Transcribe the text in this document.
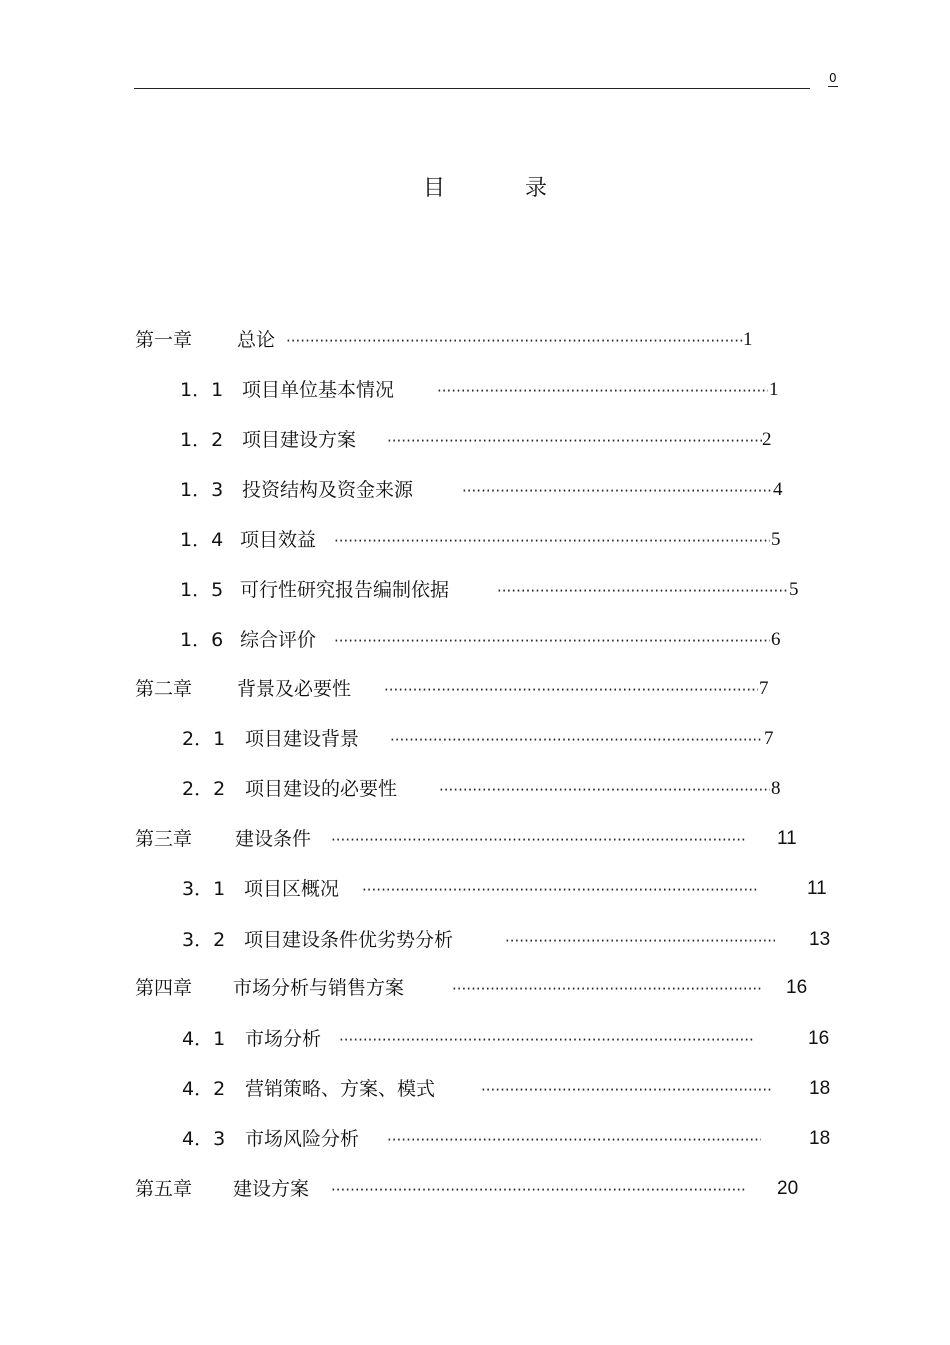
0
目	录
第一章 总论 ·····	1
1．1 项目单位基本情况 ·····	1
1．2 项目建设方案 ·····	2
1．3 投资结构及资金来源 ·····	4
1．4 项目效益 ·····	5
1．5 可行性研究报告编制依据 ·····	5
1．6 综合评价 ·····	6
第二章 背景及必要性 ·····	7
2．1 项目建设背景 ·····	7
2．2 项目建设的必要性 ·····	8
第三章 建设条件 ·····	11
3．1 项目区概况 ·····	11
3．2 项目建设条件优劣势分析 ·····	13
第四章 市场分析与销售方案 ·····	16
4．1 市场分析 ·····	16
4．2 营销策略、方案、模式 ·····	18
4．3 市场风险分析 ·····	18
第五章 建设方案 ·····	20
